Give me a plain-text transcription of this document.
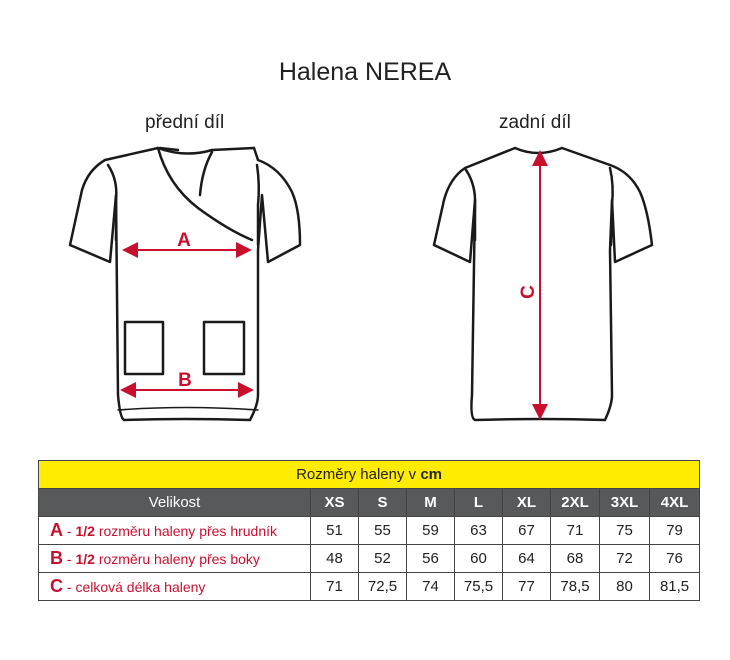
Halena NEREA
přední díl	zadní díl
A
B
C
Rozměry haleny v cm								
Velikost	XS	S	M	L	XL	2XL	3XL	4XL
A - 1/2 rozměru haleny přes hrudník	51	55	59	63	67	71	75	79
B - 1/2 rozměru haleny přes boky	48	52	56	60	64	68	72	76
C - celková délka haleny	71	72,5	74	75,5	77	78,5	80	81,5
